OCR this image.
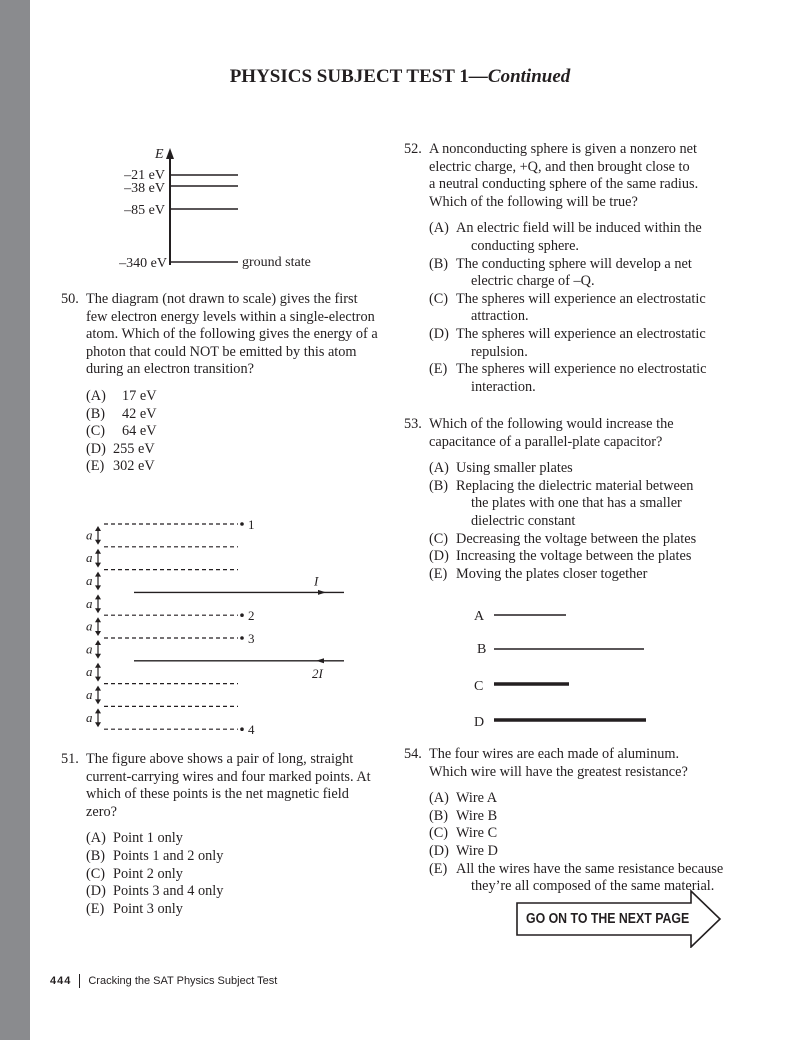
PHYSICS SUBJECT TEST 1—Continued
E
–21 eV
–38 eV
–85 eV
–340 eV	ground state
50. The diagram (not drawn to scale) gives the first few electron energy levels within a single-electron atom. Which of the following gives the energy of a photon that could NOT be emitted by this atom during an electron transition?
(A)	17 eV
(B)	42 eV
(C)	64 eV
(D) 255 eV
(E) 302 eV
1
a
a
a	I
a
2
a
3
a
2I
a
a
a
4
51. The figure above shows a pair of long, straight current-carrying wires and four marked points. At which of these points is the net magnetic field zero?
(A) Point 1 only
(B) Points 1 and 2 only
(C) Point 2 only
(D) Points 3 and 4 only
(E) Point 3 only
52. A nonconducting sphere is given a nonzero net
electric charge, +Q, and then brought close to
a neutral conducting sphere of the same radius.
Which of the following will be true?
(A) An electric field will be induced within the
conducting sphere.
(B) The conducting sphere will develop a net
electric charge of –Q.
(C) The spheres will experience an electrostatic
attraction.
(D) The spheres will experience an electrostatic
repulsion.
(E) The spheres will experience no electrostatic
interaction.
53. Which of the following would increase the capacitance of a parallel-plate capacitor?
(A) Using smaller plates
(B) Replacing the dielectric material between
the plates with one that has a smaller dielectric constant
(C) Decreasing the voltage between the plates
(D) Increasing the voltage between the plates
(E) Moving the plates closer together
A
B
C
D
54. The four wires are each made of aluminum. Which wire will have the greatest resistance?
(A) Wire A
(B) Wire B
(C) Wire C
(D) Wire D
(E) All the wires have the same resistance because
they’re all composed of the same material.
GO ON TO THE NEXT PAGE
444 Cracking the SAT Physics Subject Test
